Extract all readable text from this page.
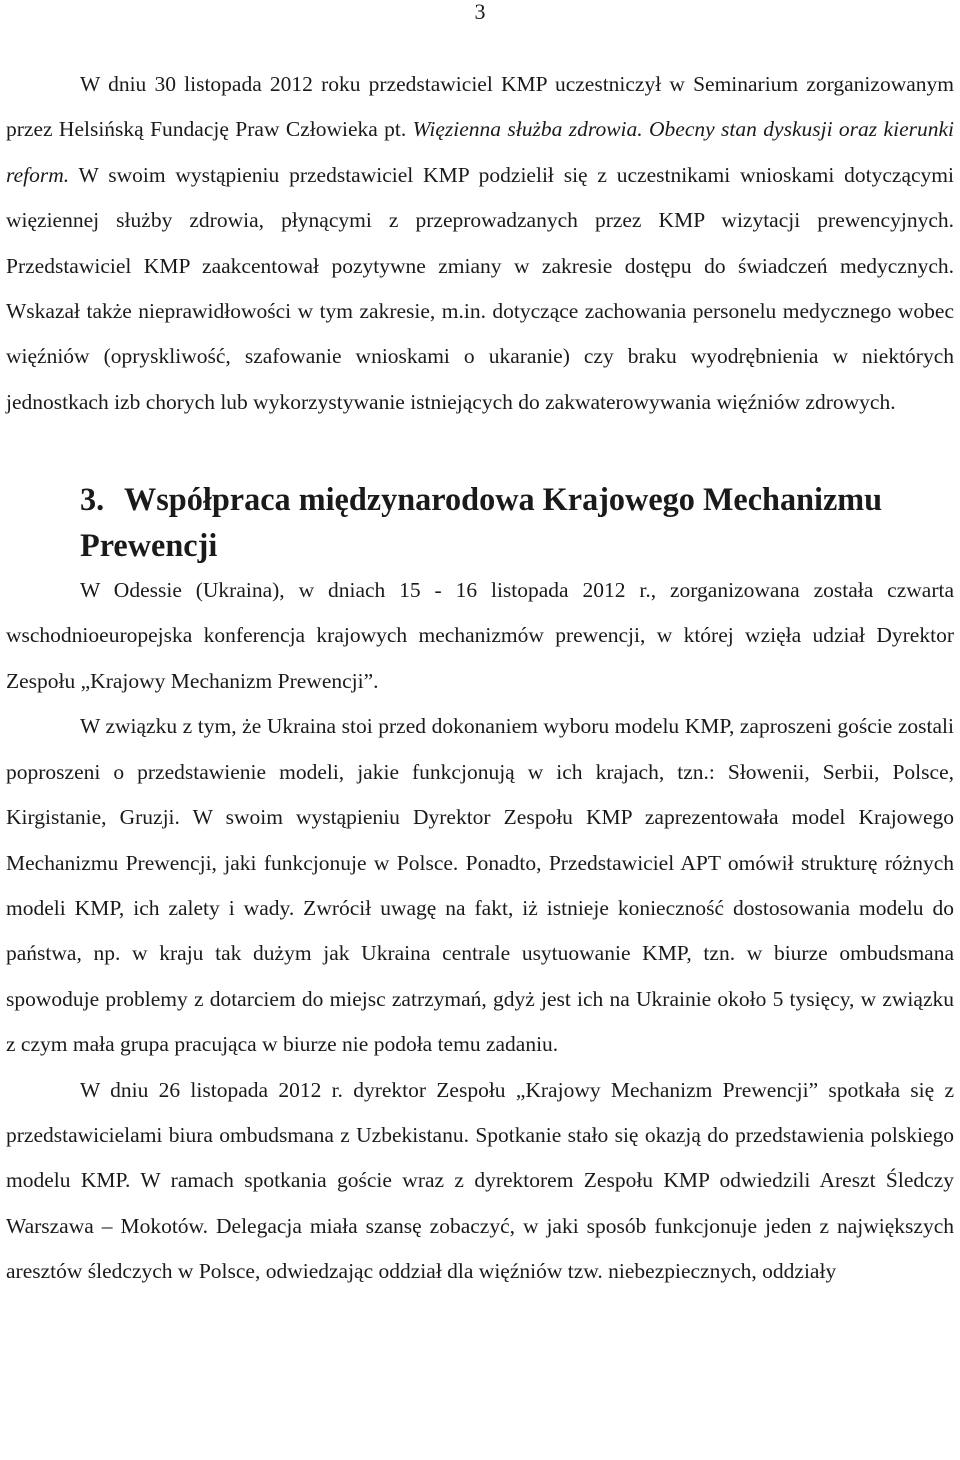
3

W dniu 30 listopada 2012 roku przedstawiciel KMP uczestniczył w Seminarium zorganizowanym przez Helsińską Fundację Praw Człowieka pt. Więzienna służba zdrowia. Obecny stan dyskusji oraz kierunki reform. W swoim wystąpieniu przedstawiciel KMP podzielił się z uczestnikami wnioskami dotyczącymi więziennej służby zdrowia, płynącymi z przeprowadzanych przez KMP wizytacji prewencyjnych. Przedstawiciel KMP zaakcentował pozytywne zmiany w zakresie dostępu do świadczeń medycznych. Wskazał także nieprawidłowości w tym zakresie, m.in. dotyczące zachowania personelu medycznego wobec więźniów (opryskliwość, szafowanie wnioskami o ukaranie) czy braku wyodrębnienia w niektórych jednostkach izb chorych lub wykorzystywanie istniejących do zakwaterowywania więźniów zdrowych.

3. Współpraca międzynarodowa Krajowego Mechanizmu Prewencji

W Odessie (Ukraina), w dniach 15 - 16 listopada 2012 r., zorganizowana została czwarta wschodnioeuropejska konferencja krajowych mechanizmów prewencji, w której wzięła udział Dyrektor Zespołu „Krajowy Mechanizm Prewencji”.

W związku z tym, że Ukraina stoi przed dokonaniem wyboru modelu KMP, zaproszeni goście zostali poproszeni o przedstawienie modeli, jakie funkcjonują w ich krajach, tzn.: Słowenii, Serbii, Polsce, Kirgistanie, Gruzji. W swoim wystąpieniu Dyrektor Zespołu KMP zaprezentowała model Krajowego Mechanizmu Prewencji, jaki funkcjonuje w Polsce. Ponadto, Przedstawiciel APT omówił strukturę różnych modeli KMP, ich zalety i wady. Zwrócił uwagę na fakt, iż istnieje konieczność dostosowania modelu do państwa, np. w kraju tak dużym jak Ukraina centrale usytuowanie KMP, tzn. w biurze ombudsmana spowoduje problemy z dotarciem do miejsc zatrzymań, gdyż jest ich na Ukrainie około 5 tysięcy, w związku z czym mała grupa pracująca w biurze nie podoła temu zadaniu.

W dniu 26 listopada 2012 r. dyrektor Zespołu „Krajowy Mechanizm Prewencji” spotkała się z przedstawicielami biura ombudsmana z Uzbekistanu. Spotkanie stało się okazją do przedstawienia polskiego modelu KMP. W ramach spotkania goście wraz z dyrektorem Zespołu KMP odwiedzili Areszt Śledczy Warszawa – Mokotów. Delegacja miała szansę zobaczyć, w jaki sposób funkcjonuje jeden z największych aresztów śledczych w Polsce, odwiedzając oddział dla więźniów tzw. niebezpiecznych, oddziały
